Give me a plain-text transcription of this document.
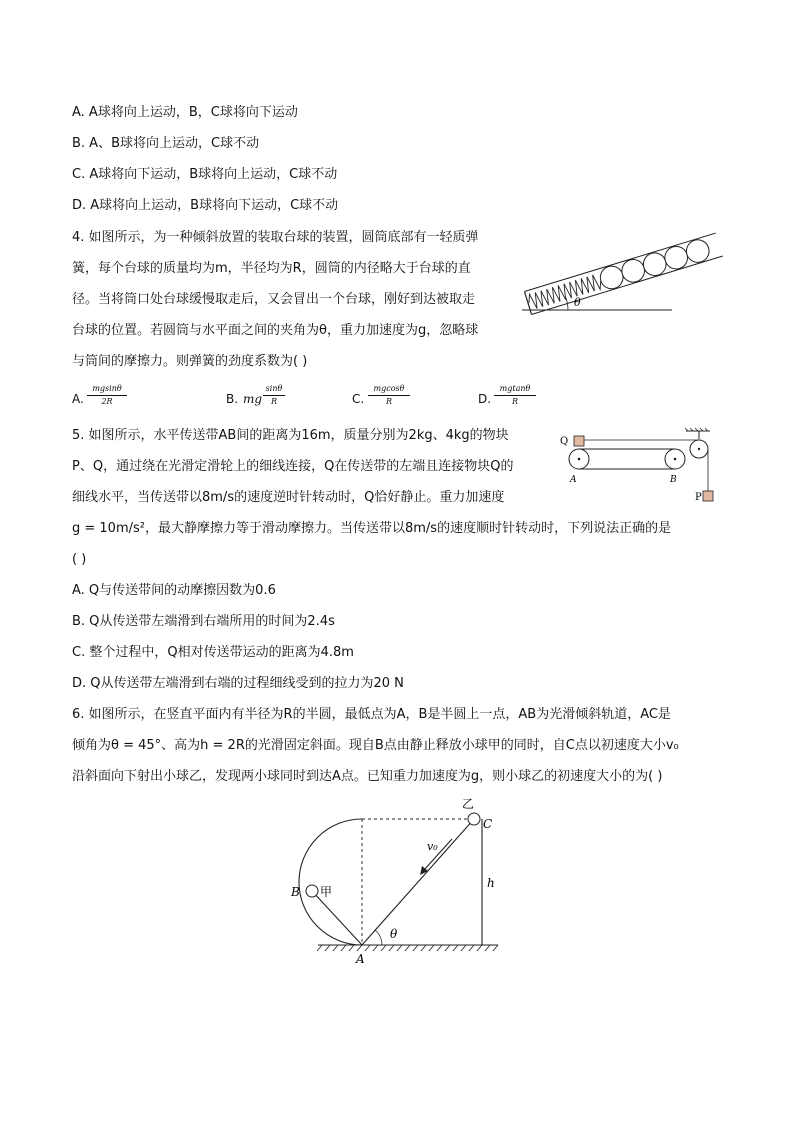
A. A球将向上运动，B，C球将向下运动
B. A、B球将向上运动，C球不动
C. A球将向下运动，B球将向上运动，C球不动
D. A球将向上运动，B球将向下运动，C球不动
4. 如图所示，为一种倾斜放置的装取台球的装置，圆筒底部有一轻质弹
簧，每个台球的质量均为m，半径均为R，圆筒的内径略大于台球的直
径。当将筒口处台球缓慢取走后，又会冒出一个台球，刚好到达被取走
台球的位置。若圆筒与水平面之间的夹角为θ，重力加速度为g，忽略球
与筒间的摩擦力。则弹簧的劲度系数为( )
θ
A.
mgsinθ
2R	B. mg
sinθ
R	C.
mgcosθ
R	D.
mgtanθ
R
5. 如图所示，水平传送带AB间的距离为16m，质量分别为2kg、4kg的物块
P、Q，通过绕在光滑定滑轮上的细线连接，Q在传送带的左端且连接物块Q的
细线水平，当传送带以8m/s的速度逆时针转动时，Q恰好静止。重力加速度
g = 10m/s²，最大静摩擦力等于滑动摩擦力。当传送带以8m/s的速度顺时针转动时，下列说法正确的是
( )
Q
P
A	B
A. Q与传送带间的动摩擦因数为0.6
B. Q从传送带左端滑到右端所用的时间为2.4s
C. 整个过程中，Q相对传送带运动的距离为4.8m
D. Q从传送带左端滑到右端的过程细线受到的拉力为20 N
6. 如图所示，在竖直平面内有半径为R的半圆，最低点为A，B是半圆上一点，AB为光滑倾斜轨道，AC是
倾角为θ = 45°、高为h = 2R的光滑固定斜面。现自B点由静止释放小球甲的同时，自C点以初速度大小v₀
沿斜面向下射出小球乙，发现两小球同时到达A点。已知重力加速度为g，则小球乙的初速度大小的为( )
乙
C
v₀
B 甲
h
θ
A
